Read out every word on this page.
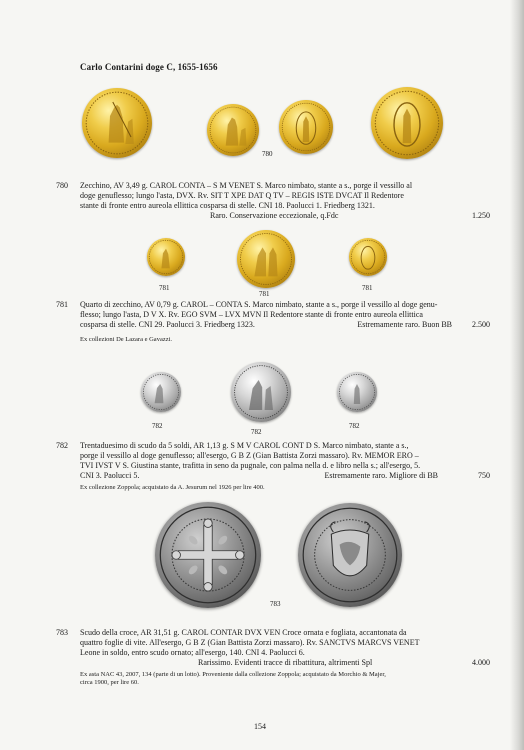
Carlo Contarini doge C, 1655-1656
780
780 Zecchino, AV 3,49 g. CAROL CONTA – S M VENET S. Marco nimbato, stante a s., porge il vessillo al
doge genuflesso; lungo l'asta, DVX. Rv. SIT T XPE DAT Q TV – REGIS ISTE DVCAT Il Redentore
stante di fronte entro aureola ellittica cosparsa di stelle. CNI 18. Paolucci 1. Friedberg 1321.
Raro. Conservazione eccezionale, q.Fdc	1.250
781
781
781
781 Quarto di zecchino, AV 0,79 g. CAROL – CONTA S. Marco nimbato, stante a s., porge il vessillo al doge genu-
flesso; lungo l'asta, D V X. Rv. EGO SVM – LVX MVN Il Redentore stante di fronte entro aureola ellittica
cosparsa di stelle. CNI 29. Paolucci 3. Friedberg 1323.	Estremamente raro. Buon BB	2.500
Ex collezioni De Lazara e Gavazzi.
782
782
782
782 Trentaduesimo di scudo da 5 soldi, AR 1,13 g. S M V CAROL CONT D S. Marco nimbato, stante a s.,
porge il vessillo al doge genuflesso; all'esergo, G B Z (Gian Battista Zorzi massaro). Rv. MEMOR ERO –
TVI IVST V S. Giustina stante, trafitta in seno da pugnale, con palma nella d. e libro nella s.; all'esergo, 5.
CNI 3. Paolucci 5.	Estremamente raro. Migliore di BB	750
Ex collezione Zoppola; acquistato da A. Jesurum nel 1926 per lire 400.
783
783 Scudo della croce, AR 31,51 g. CAROL CONTAR DVX VEN Croce ornata e fogliata, accantonata da
quattro foglie di vite. All'esergo, G B Z (Gian Battista Zorzi massaro). Rv. SANCTVS MARCVS VENET
Leone in soldo, entro scudo ornato; all'esergo, 140. CNI 4. Paolucci 6.
Rarissimo. Evidenti tracce di ribattitura, altrimenti Spl	4.000
Ex asta NAC 43, 2007, 134 (parte di un lotto). Proveniente dalla collezione Zoppola; acquistato da Morchio & Majer,
circa 1900, per lire 60.
154
